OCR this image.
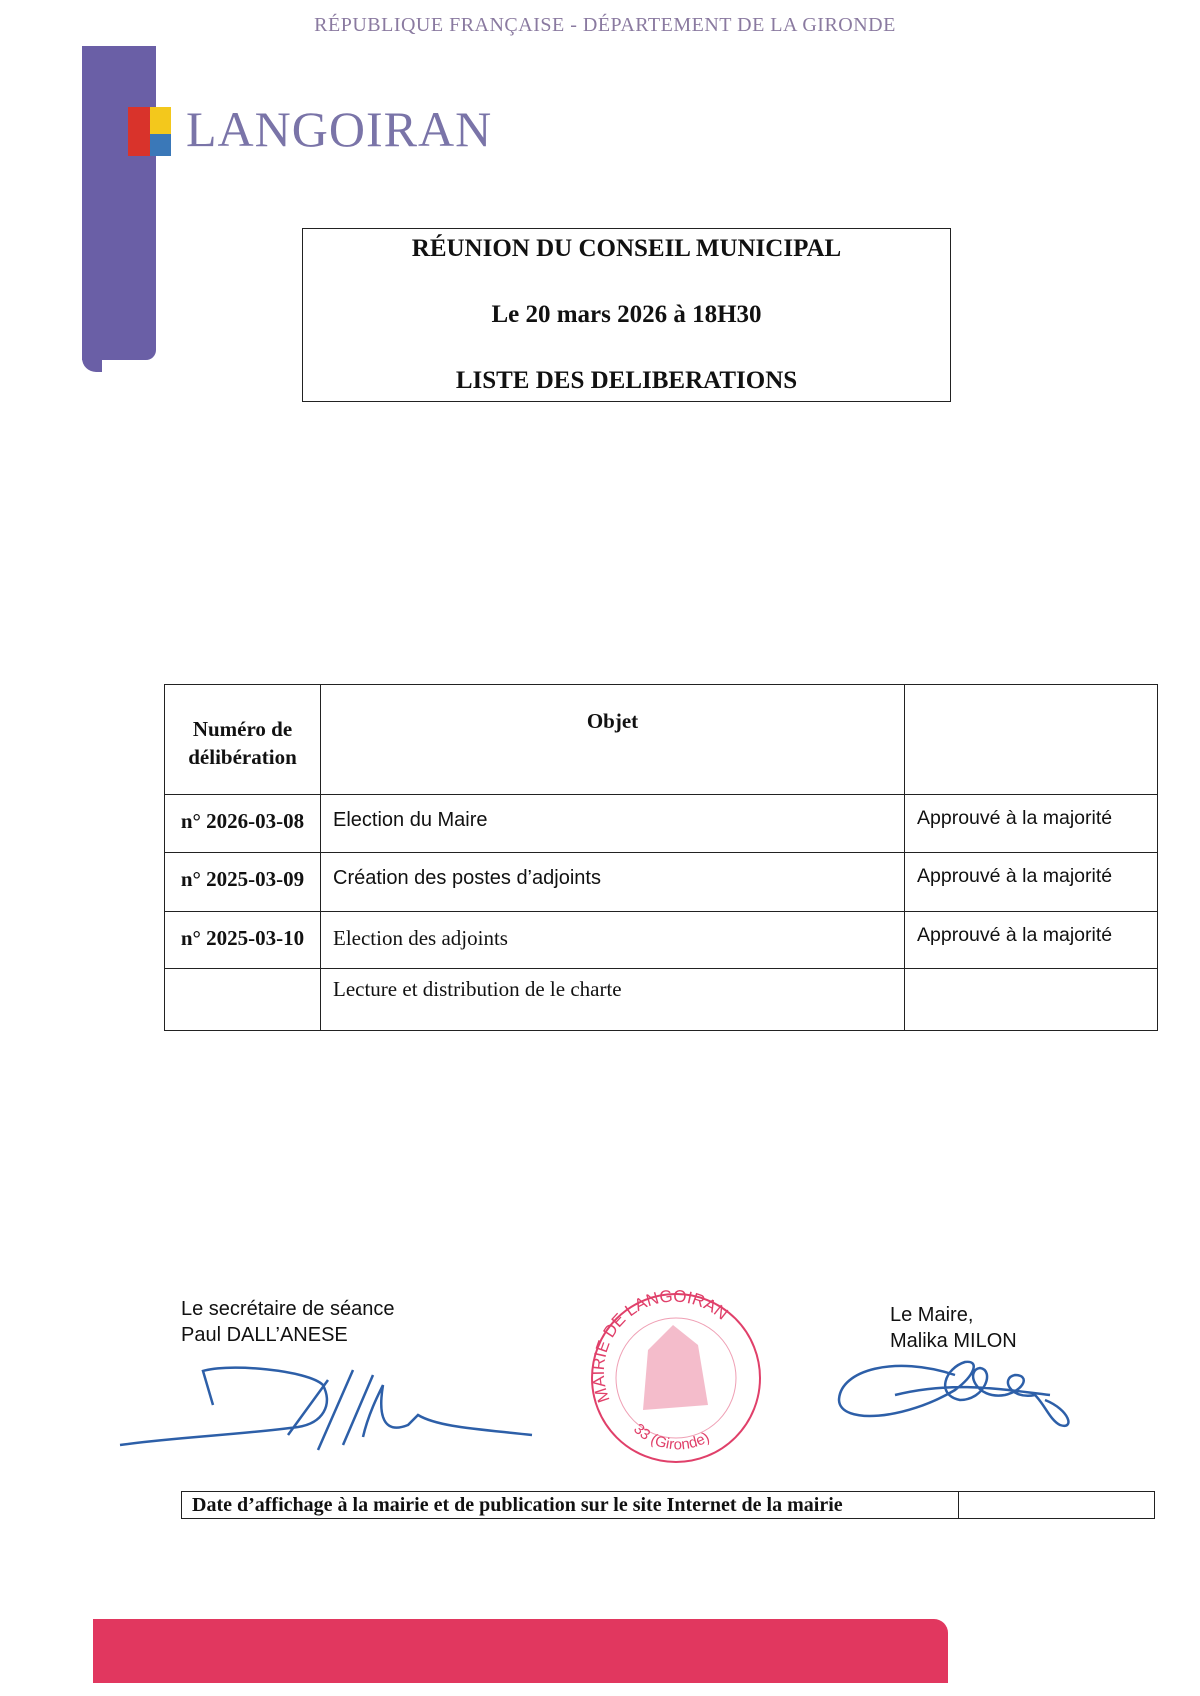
RÉPUBLIQUE FRANÇAISE - DÉPARTEMENT DE LA GIRONDE
LANGOIRAN
RÉUNION DU CONSEIL MUNICIPAL
Le 20 mars 2026 à 18H30
LISTE DES DELIBERATIONS
Numéro de délibération	Objet	
n° 2026-03-08	Election du Maire	Approuvé à la majorité
n° 2025-03-09	Création des postes d’adjoints	Approuvé à la majorité
n° 2025-03-10	Election des adjoints	Approuvé à la majorité
	Lecture et distribution de le charte	
Le secrétaire de séance
Paul DALL’ANESE
MAIRIE DE LANGOIRAN
33 (Gironde)
Le Maire,
Malika MILON
Date d’affichage à la mairie et de publication sur le site Internet de la mairie
